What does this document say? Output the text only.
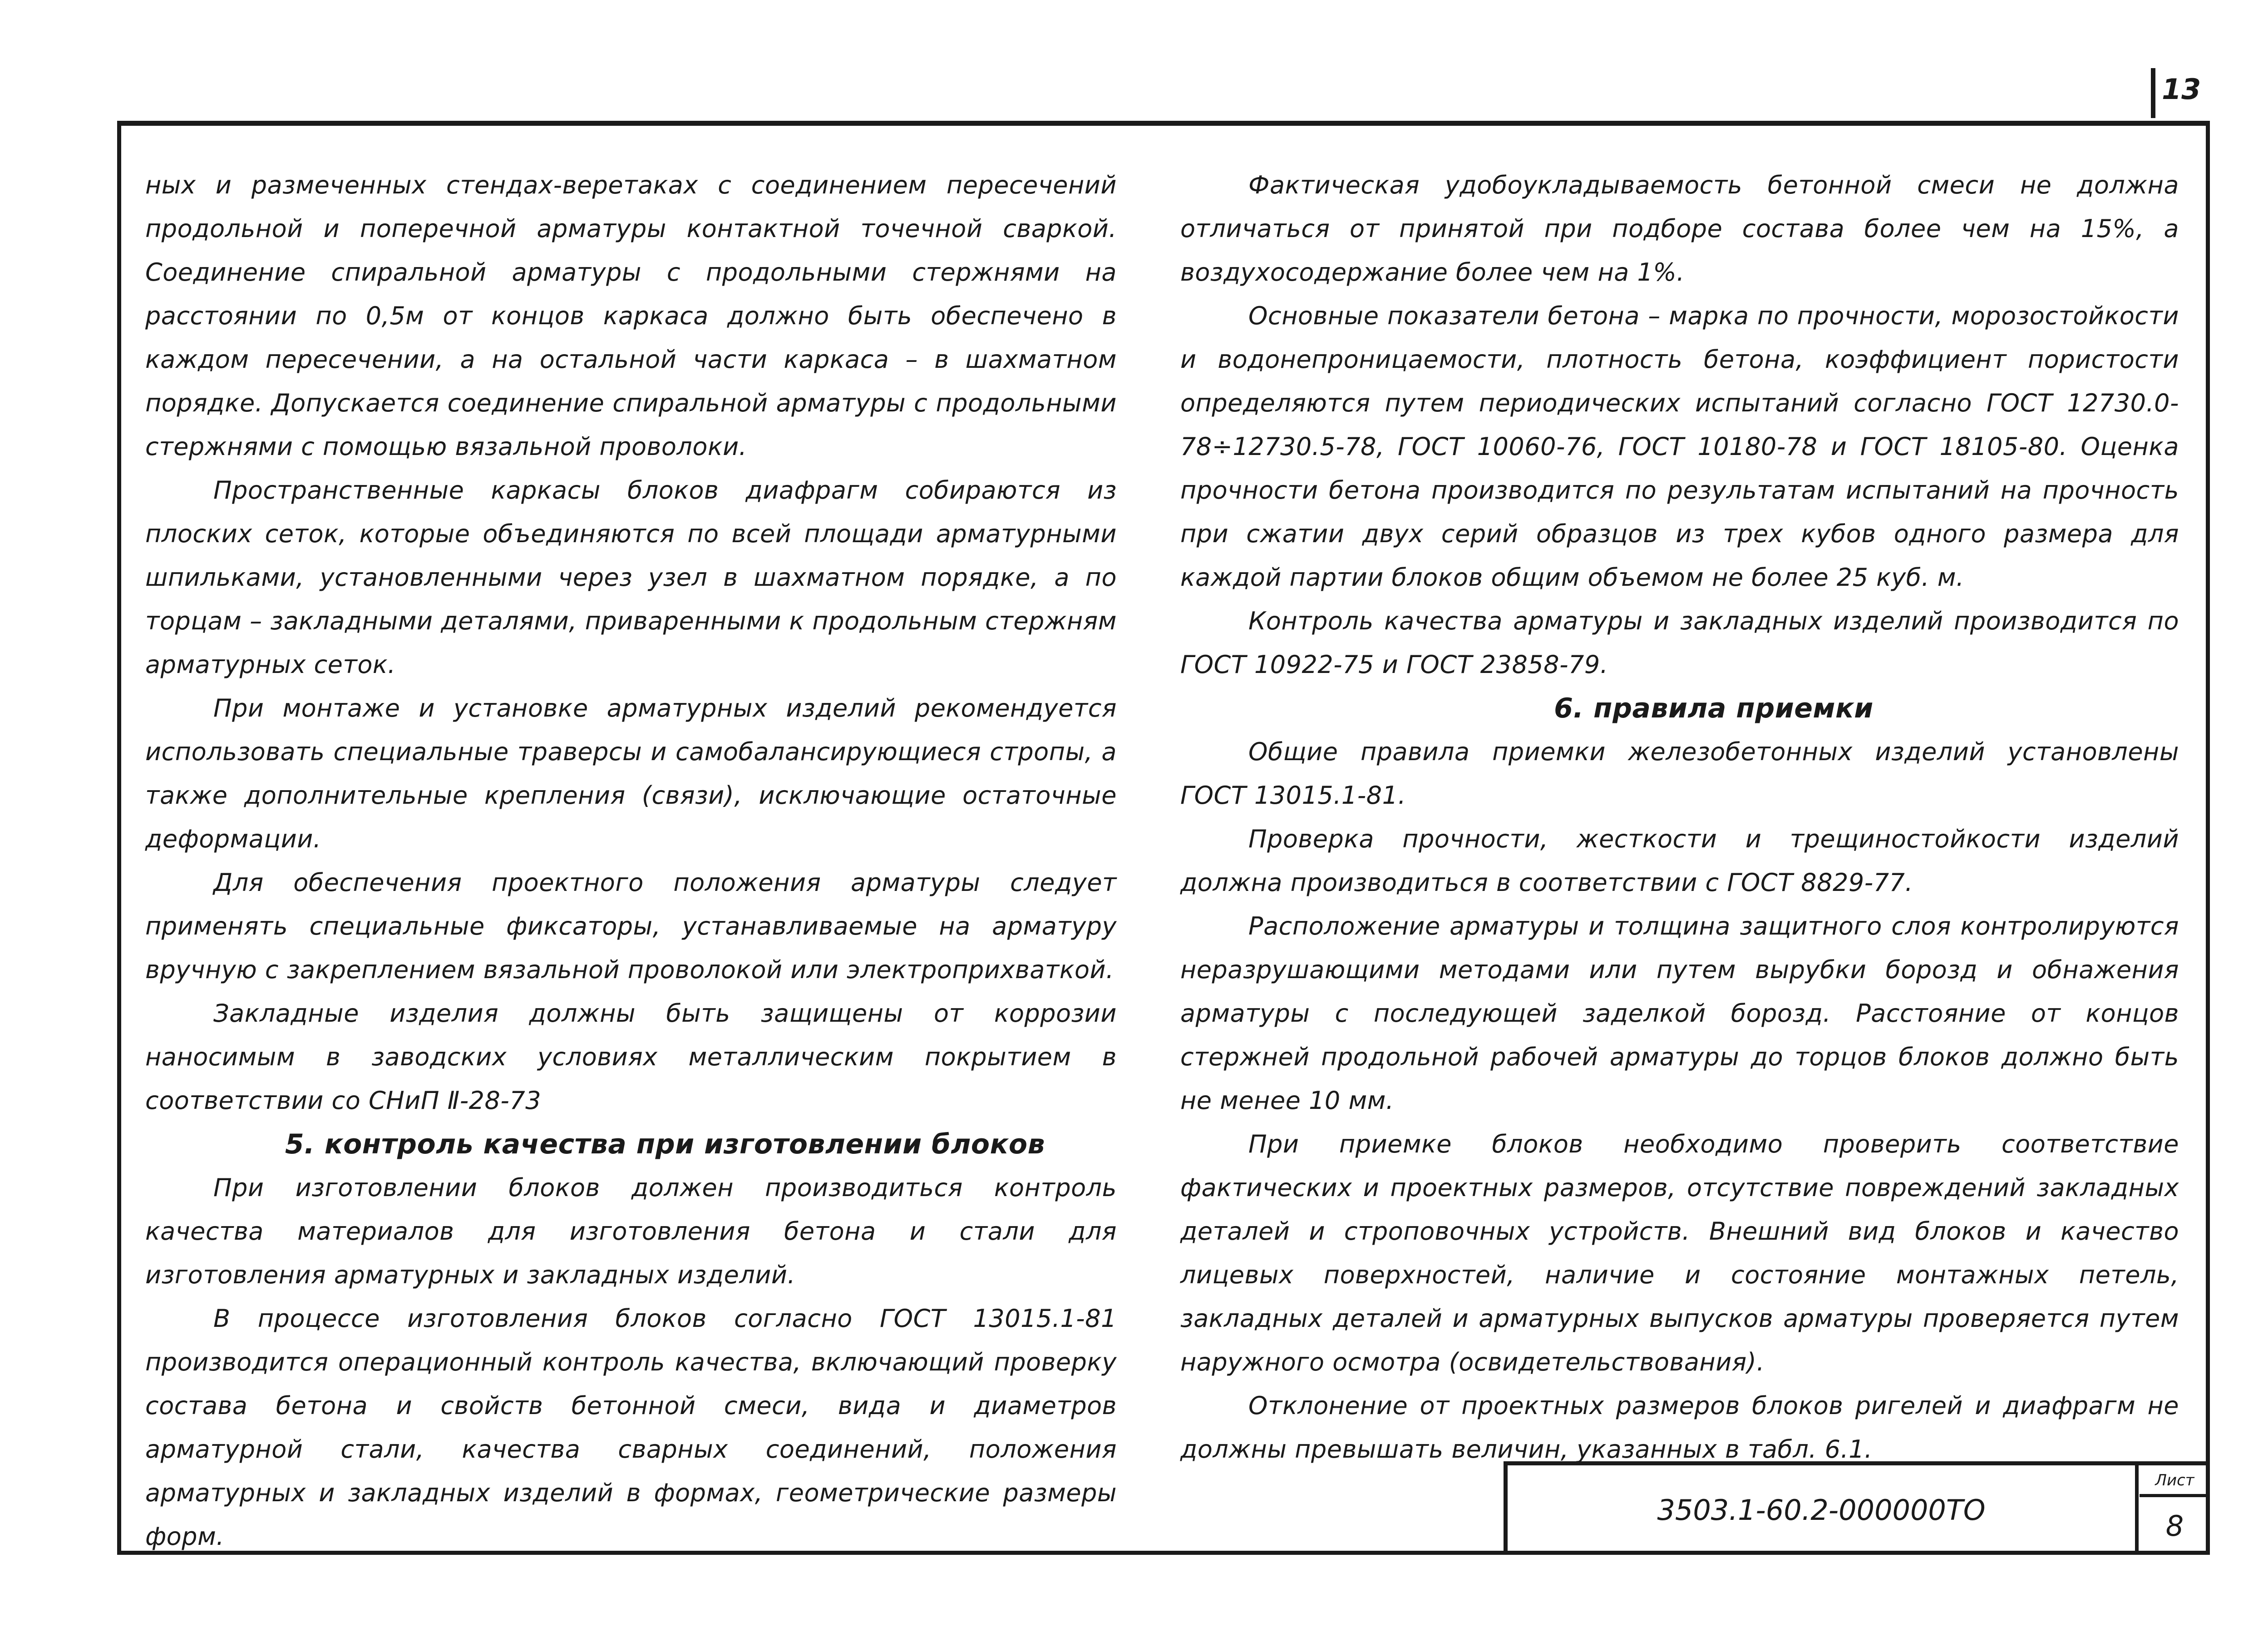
13

ных и размеченных стендах-веретаках с соединением пересечений продольной и поперечной арматуры контактной точечной сваркой. Соединение спиральной арматуры с продольными стержнями на расстоянии по 0,5м от концов каркаса должно быть обеспечено в каждом пересечении, а на остальной части каркаса – в шахматном порядке. Допускается соединение спиральной арматуры с продольными стержнями с помощью вязальной проволоки.

Пространственные каркасы блоков диафрагм собираются из плоских сеток, которые объединяются по всей площади арматурными шпильками, установленными через узел в шахматном порядке, а по торцам – закладными деталями, приваренными к продольным стержням арматурных сеток.

При монтаже и установке арматурных изделий рекомендуется использовать специальные траверсы и самобалансирующиеся стропы, а также дополнительные крепления (связи), исключающие остаточные деформации.

Для обеспечения проектного положения арматуры следует применять специальные фиксаторы, устанавливаемые на арматуру вручную с закреплением вязальной проволокой или электроприхваткой.

Закладные изделия должны быть защищены от коррозии наносимым в заводских условиях металлическим покрытием в соответствии со СНиП Ⅱ-28-73

5. контроль качества при изготовлении блоков

При изготовлении блоков должен производиться контроль качества материалов для изготовления бетона и стали для изготовления арматурных и закладных изделий.

В процессе изготовления блоков согласно ГОСТ 13015.1-81 производится операционный контроль качества, включающий проверку состава бетона и свойств бетонной смеси, вида и диаметров арматурной стали, качества сварных соединений, положения арматурных и закладных изделий в формах, геометрические размеры форм.

Фактическая удобоукладываемость бетонной смеси не должна отличаться от принятой при подборе состава более чем на 15%, а воздухосодержание более чем на 1%.

Основные показатели бетона – марка по прочности, морозостойкости и водонепроницаемости, плотность бетона, коэффициент пористости определяются путем периодических испытаний согласно ГОСТ 12730.0-78÷12730.5-78, ГОСТ 10060-76, ГОСТ 10180-78 и ГОСТ 18105-80. Оценка прочности бетона производится по результатам испытаний на прочность при сжатии двух серий образцов из трех кубов одного размера для каждой партии блоков общим объемом не более 25 куб. м.

Контроль качества арматуры и закладных изделий производится по ГОСТ 10922-75 и ГОСТ 23858-79.

6. правила приемки

Общие правила приемки железобетонных изделий установлены ГОСТ 13015.1-81.

Проверка прочности, жесткости и трещиностойкости изделий должна производиться в соответствии с ГОСТ 8829-77.

Расположение арматуры и толщина защитного слоя контролируются неразрушающими методами или путем вырубки борозд и обнажения арматуры с последующей заделкой борозд. Расстояние от концов стержней продольной рабочей арматуры до торцов блоков должно быть не менее 10 мм.

При приемке блоков необходимо проверить соответствие фактических и проектных размеров, отсутствие повреждений закладных деталей и строповочных устройств. Внешний вид блоков и качество лицевых поверхностей, наличие и состояние монтажных петель, закладных деталей и арматурных выпусков арматуры проверяется путем наружного осмотра (освидетельствования).

Отклонение от проектных размеров блоков ригелей и диафрагм не должны превышать величин, указанных в табл. 6.1.

3503.1-60.2-000000ТО
Лист
8
